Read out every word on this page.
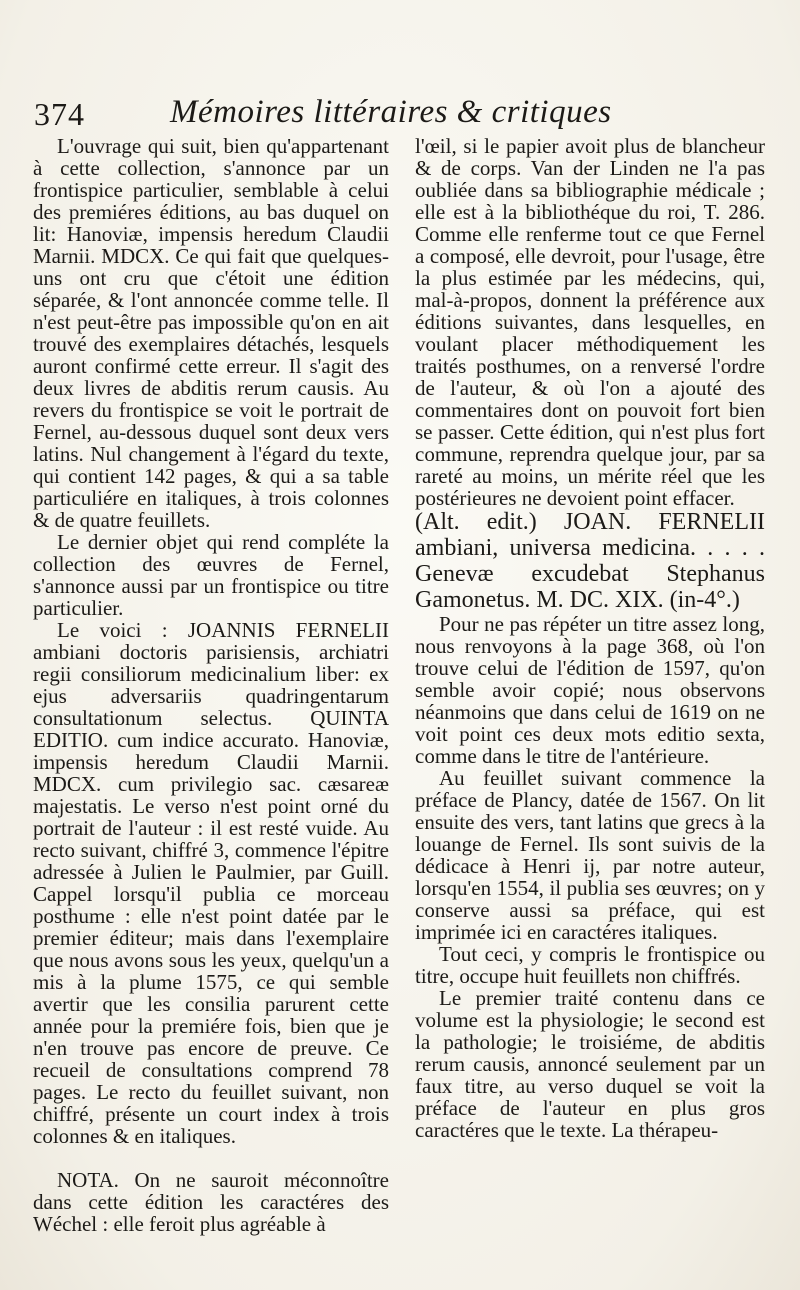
374	Mémoires littéraires & critiques

L'ouvrage qui suit, bien qu'appartenant à cette collection, s'annonce par un frontispice particulier, semblable à celui des premiéres éditions, au bas duquel on lit: Hanoviæ, impensis heredum Claudii Marnii. MDCX. Ce qui fait que quelques-uns ont cru que c'étoit une édition séparée, & l'ont annoncée comme telle. Il n'est peut-être pas impossible qu'on en ait trouvé des exemplaires détachés, lesquels auront confirmé cette erreur. Il s'agit des deux livres de abditis rerum causis. Au revers du frontispice se voit le portrait de Fernel, au-dessous duquel sont deux vers latins. Nul changement à l'égard du texte, qui contient 142 pages, & qui a sa table particuliére en italiques, à trois colonnes & de quatre feuillets.

Le dernier objet qui rend compléte la collection des œuvres de Fernel, s'annonce aussi par un frontispice ou titre particulier.

Le voici : JOANNIS FERNELII ambiani doctoris parisiensis, archiatri regii consiliorum medicinalium liber: ex ejus adversariis quadringentarum consultationum selectus. QUINTA EDITIO. cum indice accurato. Hanoviæ, impensis heredum Claudii Marnii. MDCX. cum privilegio sac. cæsareæ majestatis. Le verso n'est point orné du portrait de l'auteur : il est resté vuide. Au recto suivant, chiffré 3, commence l'épitre adressée à Julien le Paulmier, par Guill. Cappel lorsqu'il publia ce morceau posthume : elle n'est point datée par le premier éditeur; mais dans l'exemplaire que nous avons sous les yeux, quelqu'un a mis à la plume 1575, ce qui semble avertir que les consilia parurent cette année pour la premiére fois, bien que je n'en trouve pas encore de preuve. Ce recueil de consultations comprend 78 pages. Le recto du feuillet suivant, non chiffré, présente un court index à trois colonnes & en italiques.

NOTA. On ne sauroit méconnoître dans cette édition les caractéres des Wéchel : elle feroit plus agréable à

l'œil, si le papier avoit plus de blancheur & de corps. Van der Linden ne l'a pas oubliée dans sa bibliographie médicale ; elle est à la bibliothéque du roi, T. 286. Comme elle renferme tout ce que Fernel a composé, elle devroit, pour l'usage, être la plus estimée par les médecins, qui, mal-à-propos, donnent la préférence aux éditions suivantes, dans lesquelles, en voulant placer méthodiquement les traités posthumes, on a renversé l'ordre de l'auteur, & où l'on a ajouté des commentaires dont on pouvoit fort bien se passer. Cette édition, qui n'est plus fort commune, reprendra quelque jour, par sa rareté au moins, un mérite réel que les postérieures ne devoient point effacer.

(Alt. edit.) JOAN. FERNELII ambiani, universa medicina. . . . . Genevæ excudebat Stephanus Gamonetus. M. DC. XIX. (in-4°.)

Pour ne pas répéter un titre assez long, nous renvoyons à la page 368, où l'on trouve celui de l'édition de 1597, qu'on semble avoir copié; nous observons néanmoins que dans celui de 1619 on ne voit point ces deux mots editio sexta, comme dans le titre de l'antérieure.

Au feuillet suivant commence la préface de Plancy, datée de 1567. On lit ensuite des vers, tant latins que grecs à la louange de Fernel. Ils sont suivis de la dédicace à Henri ij, par notre auteur, lorsqu'en 1554, il publia ses œuvres; on y conserve aussi sa préface, qui est imprimée ici en caractéres italiques.

Tout ceci, y compris le frontispice ou titre, occupe huit feuillets non chiffrés.

Le premier traité contenu dans ce volume est la physiologie; le second est la pathologie; le troisiéme, de abditis rerum causis, annoncé seulement par un faux titre, au verso duquel se voit la préface de l'auteur en plus gros caractéres que le texte. La thérapeu-
